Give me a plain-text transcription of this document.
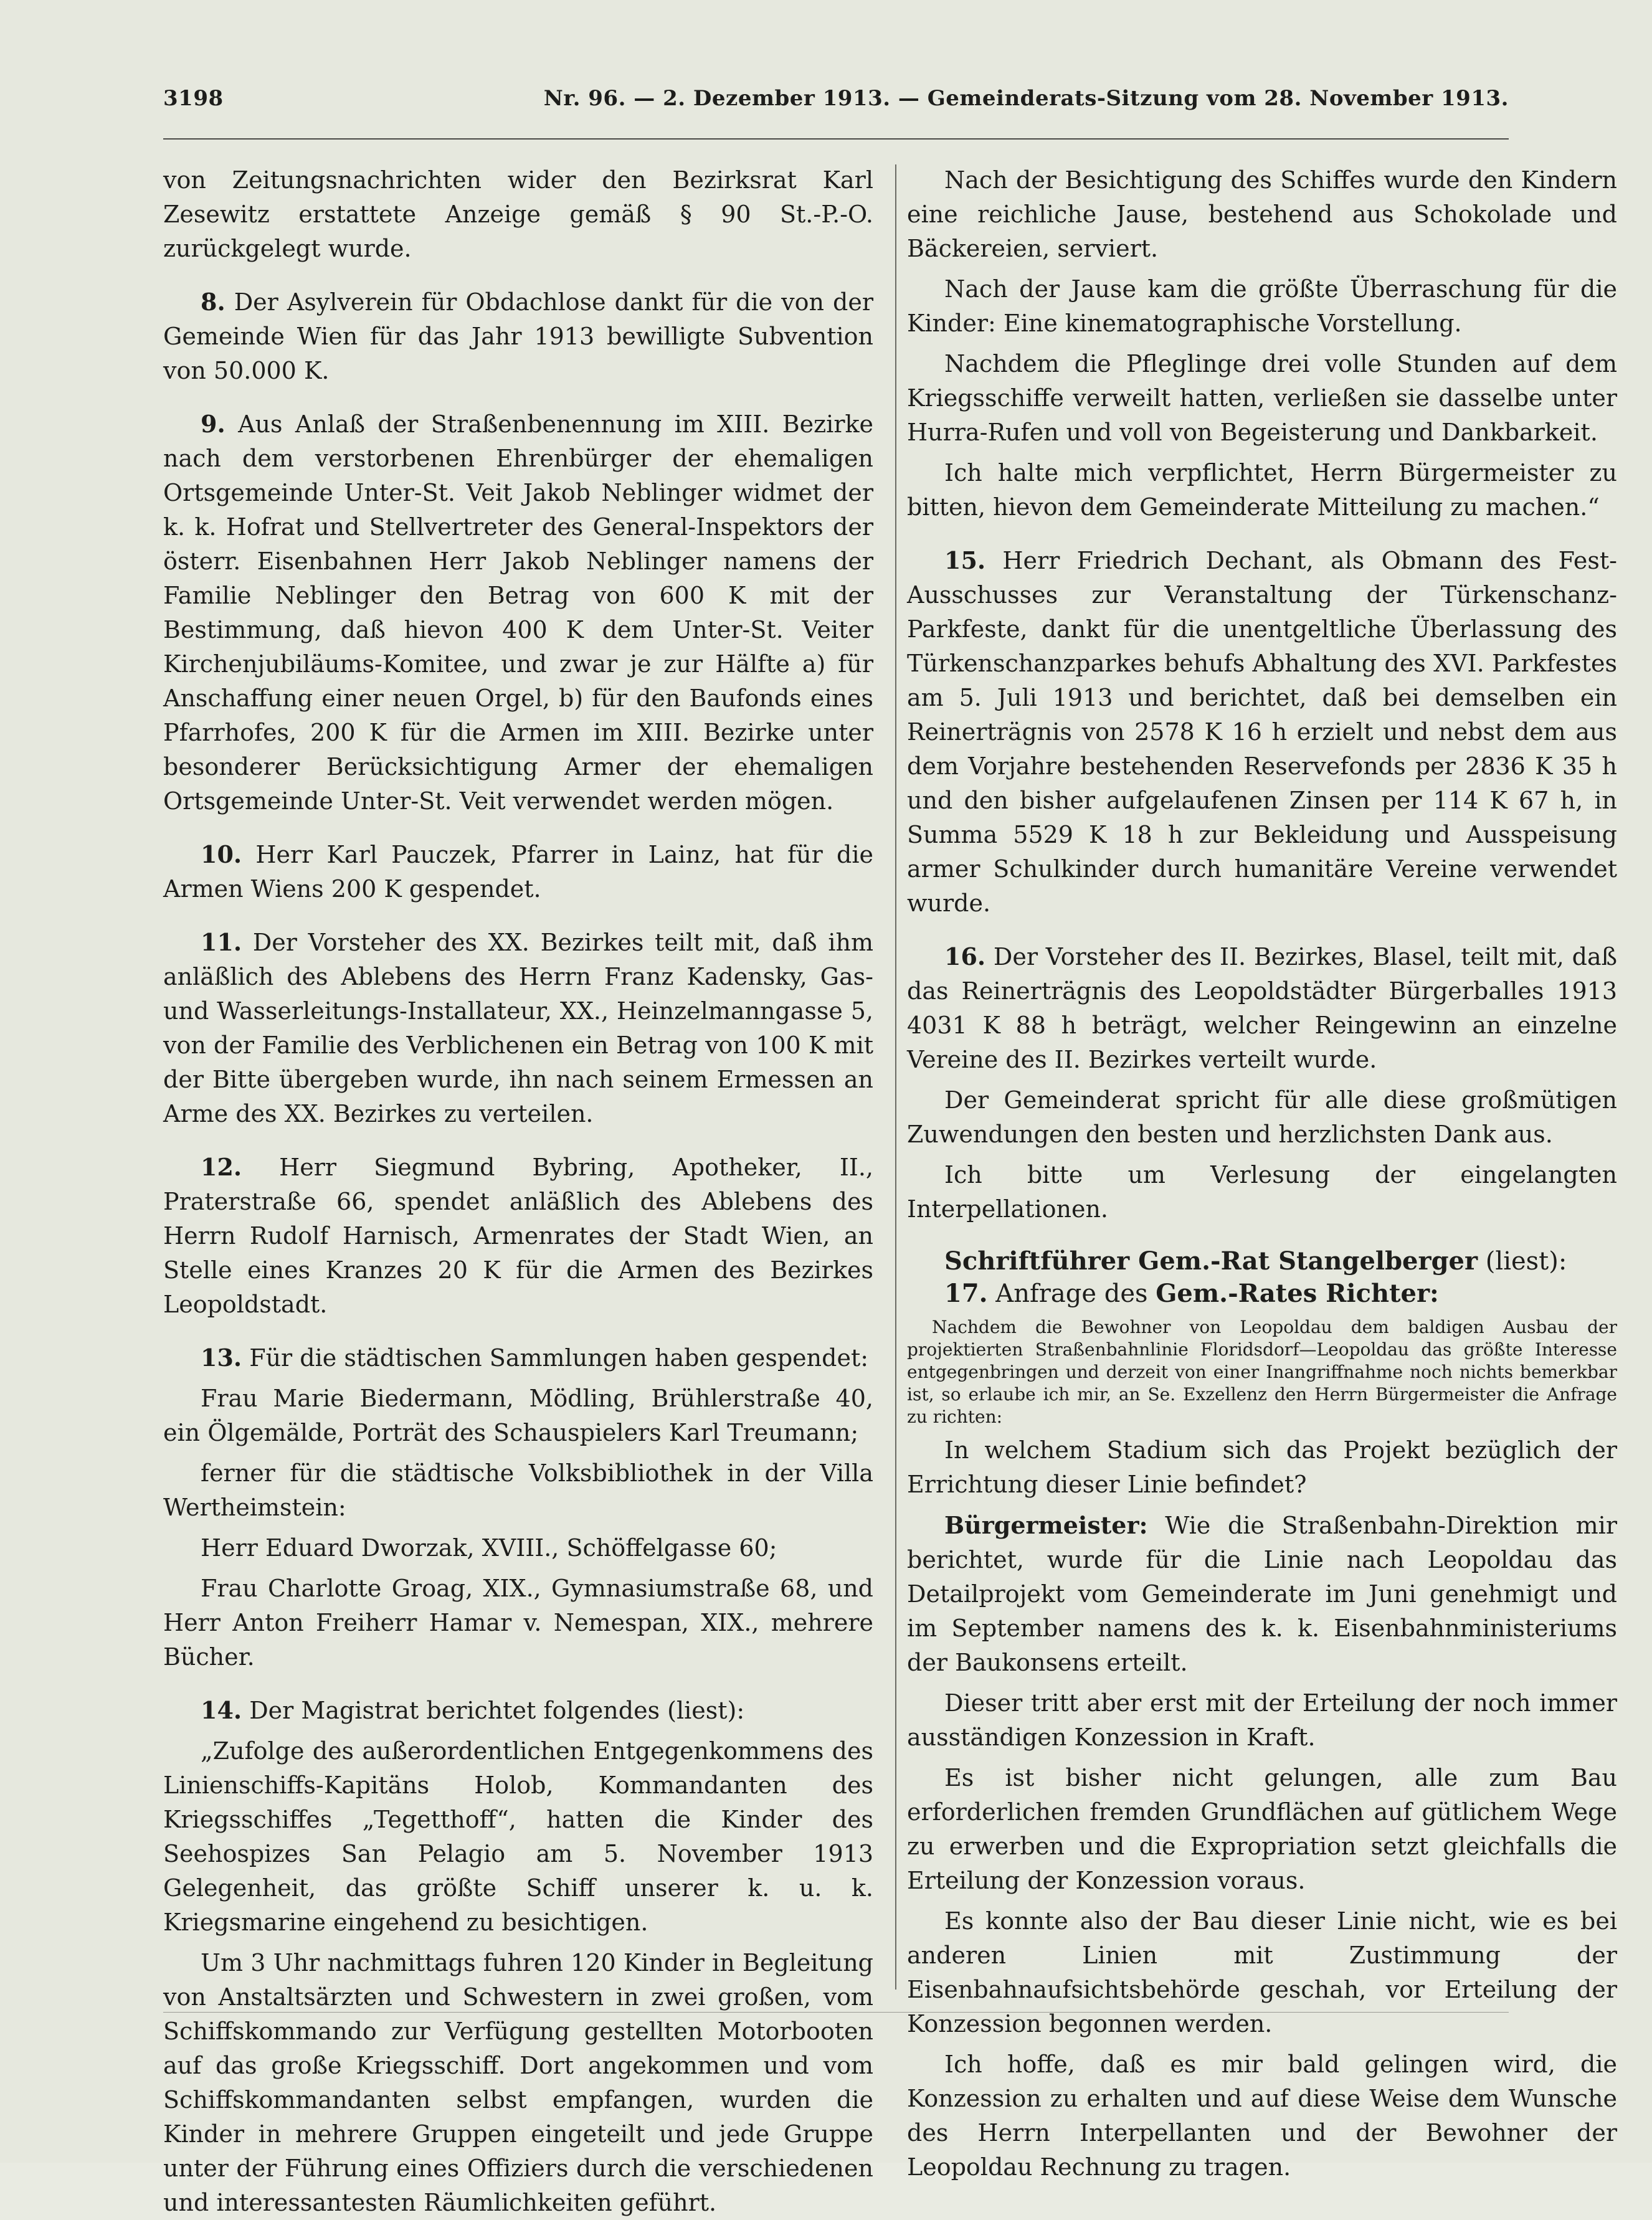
3198	Nr. 96. — 2. Dezember 1913. — Gemeinderats-Sitzung vom 28. November 1913.

von Zeitungsnachrichten wider den Bezirksrat Karl Zesewitz erstattete Anzeige gemäß § 90 St.-P.-O. zurückgelegt wurde.

8. Der Asylverein für Obdachlose dankt für die von der Gemeinde Wien für das Jahr 1913 bewilligte Subvention von 50.000 K.

9. Aus Anlaß der Straßenbenennung im XIII. Bezirke nach dem verstorbenen Ehrenbürger der ehemaligen Ortsgemeinde Unter-St. Veit Jakob Neblinger widmet der k. k. Hofrat und Stellvertreter des General-Inspektors der österr. Eisenbahnen Herr Jakob Neblinger namens der Familie Neblinger den Betrag von 600 K mit der Bestimmung, daß hievon 400 K dem Unter-St. Veiter Kirchenjubiläums-Komitee, und zwar je zur Hälfte a) für Anschaffung einer neuen Orgel, b) für den Baufonds eines Pfarrhofes, 200 K für die Armen im XIII. Bezirke unter besonderer Berücksichtigung Armer der ehemaligen Ortsgemeinde Unter-St. Veit verwendet werden mögen.

10. Herr Karl Pauczek, Pfarrer in Lainz, hat für die Armen Wiens 200 K gespendet.

11. Der Vorsteher des XX. Bezirkes teilt mit, daß ihm anläßlich des Ablebens des Herrn Franz Kadensky, Gas- und Wasserleitungs-Installateur, XX., Heinzelmanngasse 5, von der Familie des Verblichenen ein Betrag von 100 K mit der Bitte übergeben wurde, ihn nach seinem Ermessen an Arme des XX. Bezirkes zu verteilen.

12. Herr Siegmund Bybring, Apotheker, II., Praterstraße 66, spendet anläßlich des Ablebens des Herrn Rudolf Harnisch, Armenrates der Stadt Wien, an Stelle eines Kranzes 20 K für die Armen des Bezirkes Leopoldstadt.

13. Für die städtischen Sammlungen haben gespendet:

Frau Marie Biedermann, Mödling, Brühlerstraße 40, ein Ölgemälde, Porträt des Schauspielers Karl Treumann;

ferner für die städtische Volksbibliothek in der Villa Wertheimstein:

Herr Eduard Dworzak, XVIII., Schöffelgasse 60;

Frau Charlotte Groag, XIX., Gymnasiumstraße 68, und Herr Anton Freiherr Hamar v. Nemespan, XIX., mehrere Bücher.

14. Der Magistrat berichtet folgendes (liest):

„Zufolge des außerordentlichen Entgegenkommens des Linienschiffs-Kapitäns Holob, Kommandanten des Kriegsschiffes „Tegetthoff“, hatten die Kinder des Seehospizes San Pelagio am 5. November 1913 Gelegenheit, das größte Schiff unserer k. u. k. Kriegsmarine eingehend zu besichtigen.

Um 3 Uhr nachmittags fuhren 120 Kinder in Begleitung von Anstaltsärzten und Schwestern in zwei großen, vom Schiffskommando zur Verfügung gestellten Motorbooten auf das große Kriegsschiff. Dort angekommen und vom Schiffskommandanten selbst empfangen, wurden die Kinder in mehrere Gruppen eingeteilt und jede Gruppe unter der Führung eines Offiziers durch die verschiedenen und interessantesten Räumlichkeiten geführt.

Nach der Besichtigung des Schiffes wurde den Kindern eine reichliche Jause, bestehend aus Schokolade und Bäckereien, serviert.

Nach der Jause kam die größte Überraschung für die Kinder: Eine kinematographische Vorstellung.

Nachdem die Pfleglinge drei volle Stunden auf dem Kriegsschiffe verweilt hatten, verließen sie dasselbe unter Hurra-Rufen und voll von Begeisterung und Dankbarkeit.

Ich halte mich verpflichtet, Herrn Bürgermeister zu bitten, hievon dem Gemeinderate Mitteilung zu machen.“

15. Herr Friedrich Dechant, als Obmann des Fest-Ausschusses zur Veranstaltung der Türkenschanz-Parkfeste, dankt für die unentgeltliche Überlassung des Türkenschanzparkes behufs Abhaltung des XVI. Parkfestes am 5. Juli 1913 und berichtet, daß bei demselben ein Reinerträgnis von 2578 K 16 h erzielt und nebst dem aus dem Vorjahre bestehenden Reservefonds per 2836 K 35 h und den bisher aufgelaufenen Zinsen per 114 K 67 h, in Summa 5529 K 18 h zur Bekleidung und Ausspeisung armer Schulkinder durch humanitäre Vereine verwendet wurde.

16. Der Vorsteher des II. Bezirkes, Blasel, teilt mit, daß das Reinerträgnis des Leopoldstädter Bürgerballes 1913 4031 K 88 h beträgt, welcher Reingewinn an einzelne Vereine des II. Bezirkes verteilt wurde.

Der Gemeinderat spricht für alle diese großmütigen Zuwendungen den besten und herzlichsten Dank aus.

Ich bitte um Verlesung der eingelangten Interpellationen.

Schriftführer Gem.-Rat Stangelberger (liest):

17. Anfrage des Gem.-Rates Richter:

Nachdem die Bewohner von Leopoldau dem baldigen Ausbau der projektierten Straßenbahnlinie Floridsdorf—Leopoldau das größte Interesse entgegenbringen und derzeit von einer Inangriffnahme noch nichts bemerkbar ist, so erlaube ich mir, an Se. Exzellenz den Herrn Bürgermeister die Anfrage zu richten:

In welchem Stadium sich das Projekt bezüglich der Errichtung dieser Linie befindet?

Bürgermeister: Wie die Straßenbahn-Direktion mir berichtet, wurde für die Linie nach Leopoldau das Detailprojekt vom Gemeinderate im Juni genehmigt und im September namens des k. k. Eisenbahnministeriums der Baukonsens erteilt.

Dieser tritt aber erst mit der Erteilung der noch immer ausständigen Konzession in Kraft.

Es ist bisher nicht gelungen, alle zum Bau erforderlichen fremden Grundflächen auf gütlichem Wege zu erwerben und die Expropriation setzt gleichfalls die Erteilung der Konzession voraus.

Es konnte also der Bau dieser Linie nicht, wie es bei anderen Linien mit Zustimmung der Eisenbahnaufsichtsbehörde geschah, vor Erteilung der Konzession begonnen werden.

Ich hoffe, daß es mir bald gelingen wird, die Konzession zu erhalten und auf diese Weise dem Wunsche des Herrn Interpellanten und der Bewohner der Leopoldau Rechnung zu tragen.
